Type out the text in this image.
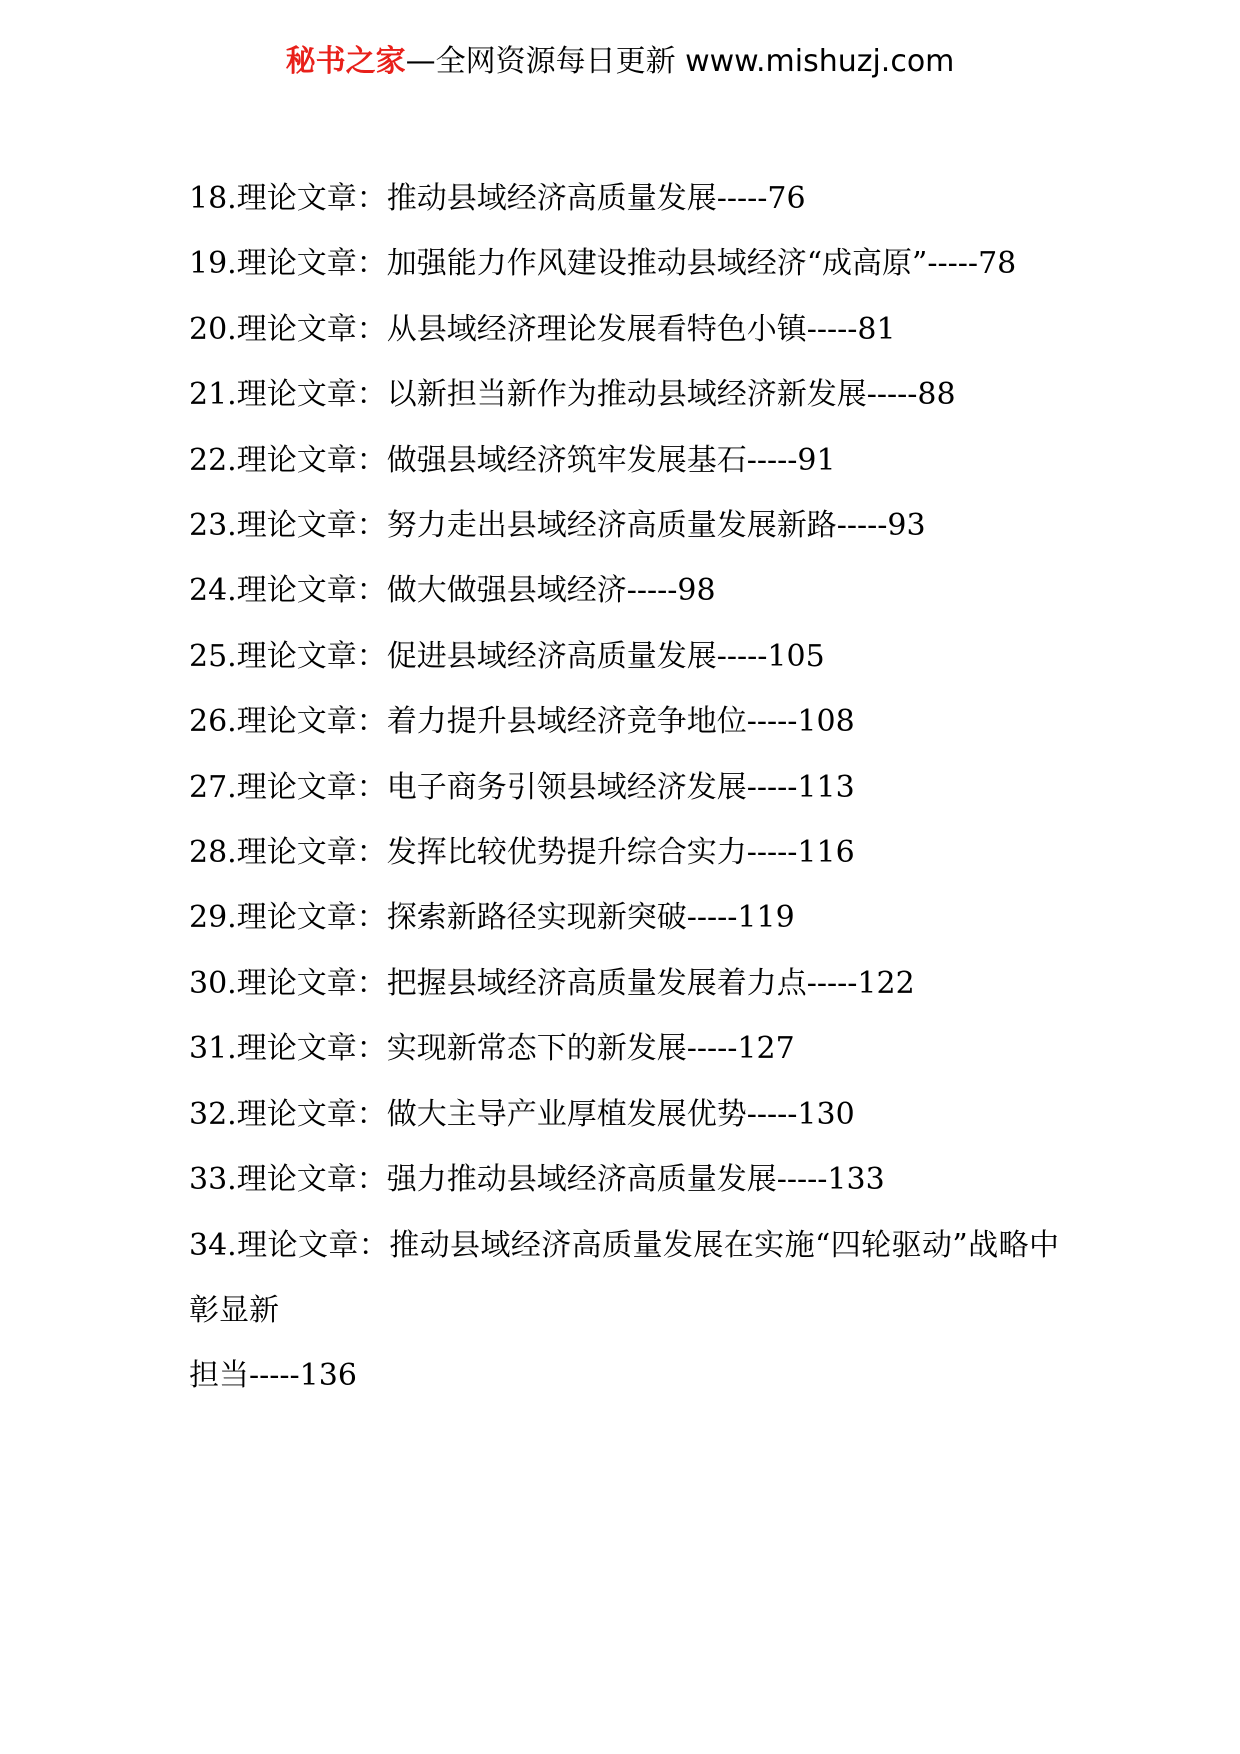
秘书之家—全网资源每日更新 www.mishuzj.com

18.理论文章：推动县域经济高质量发展-----76

19.理论文章：加强能力作风建设推动县域经济“成高原”-----78

20.理论文章：从县域经济理论发展看特色小镇-----81

21.理论文章：以新担当新作为推动县域经济新发展-----88

22.理论文章：做强县域经济筑牢发展基石-----91

23.理论文章：努力走出县域经济高质量发展新路-----93

24.理论文章：做大做强县域经济-----98

25.理论文章：促进县域经济高质量发展-----105

26.理论文章：着力提升县域经济竞争地位-----108

27.理论文章：电子商务引领县域经济发展-----113

28.理论文章：发挥比较优势提升综合实力-----116

29.理论文章：探索新路径实现新突破-----119

30.理论文章：把握县域经济高质量发展着力点-----122

31.理论文章：实现新常态下的新发展-----127

32.理论文章：做大主导产业厚植发展优势-----130

33.理论文章：强力推动县域经济高质量发展-----133

34.理论文章：推动县域经济高质量发展在实施“四轮驱动”战略中彰显新

担当-----136
